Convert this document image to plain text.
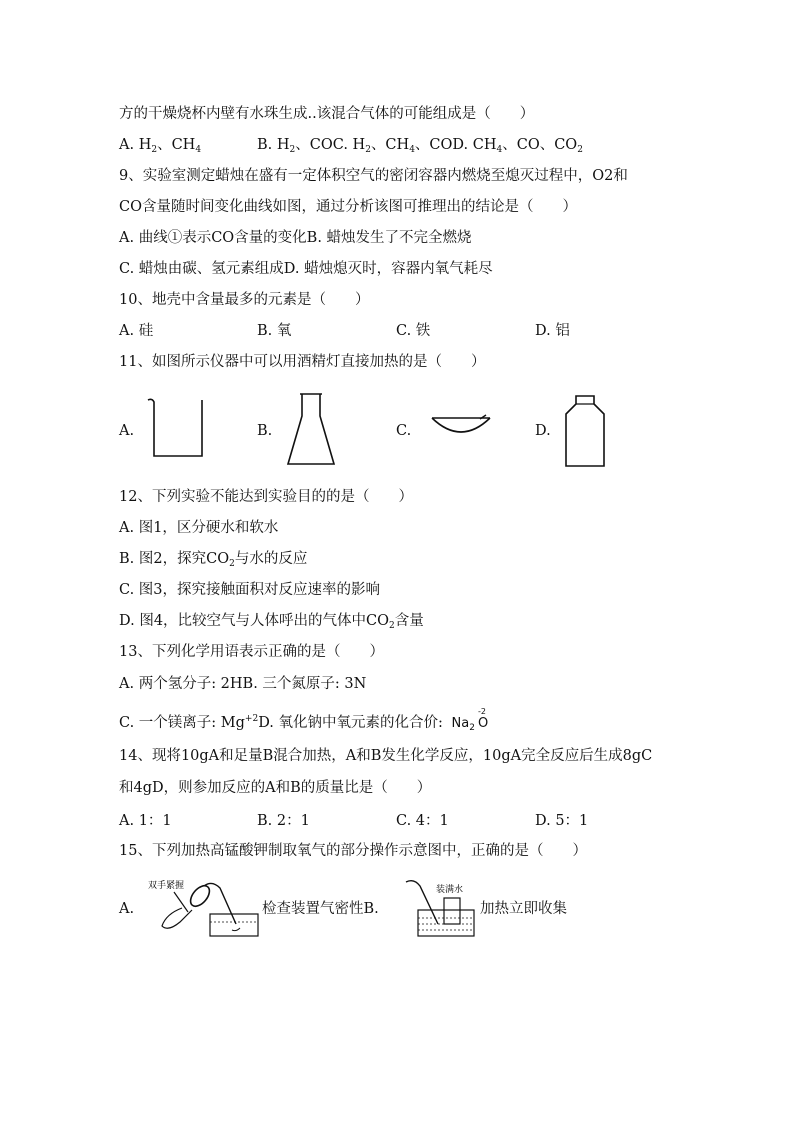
方的干燥烧杯内壁有水珠生成..该混合气体的可能组成是（　　）
A. $H_2$、$CH_4$	B. $H_2$、COC. $H_2$、$CH_4$、COD. $CH_4$、CO、$CO_2$
9、实验室测定蜡烛在盛有一定体积空气的密闭容器内燃烧至熄灭过程中，O2和
CO含量随时间变化曲线如图，通过分析该图可推理出的结论是（　　）
A. 曲线①表示CO含量的变化B. 蜡烛发生了不完全燃烧
C. 蜡烛由碳、氢元素组成D. 蜡烛熄灭时，容器内氧气耗尽
10、地壳中含量最多的元素是（　　）
A. 硅	B. 氧	C. 铁	D. 铝
11、如图所示仪器中可以用酒精灯直接加热的是（　　）
A.	B.	C.	D.
12、下列实验不能达到实验目的的是（　　）
A. 图1，区分硬水和软水
B. 图2，探究$CO_2$与水的反应
C. 图3，探究接触面积对反应速率的影响
D. 图4，比较空气与人体呼出的气体中$CO_2$含量
13、下列化学用语表示正确的是（　　）
A. 两个氢分子: 2HB. 三个氮原子: 3N
C. 一个镁离子: $Mg^{+2}D$. 氧化钠中氧元素的化合价: $Na_2$
-2
O
14、现将10gA和足量B混合加热，A和B发生化学反应，10gA完全反应后生成8gC
和4gD，则参加反应的A和B的质量比是（　　）
A. 1：1	B. 2：1	C. 4：1	D. 5：1
15、下列加热高锰酸钾制取氧气的部分操作示意图中，正确的是（　　）
A.
双手紧握
检查装置气密性B.
装满水
加热立即收集
